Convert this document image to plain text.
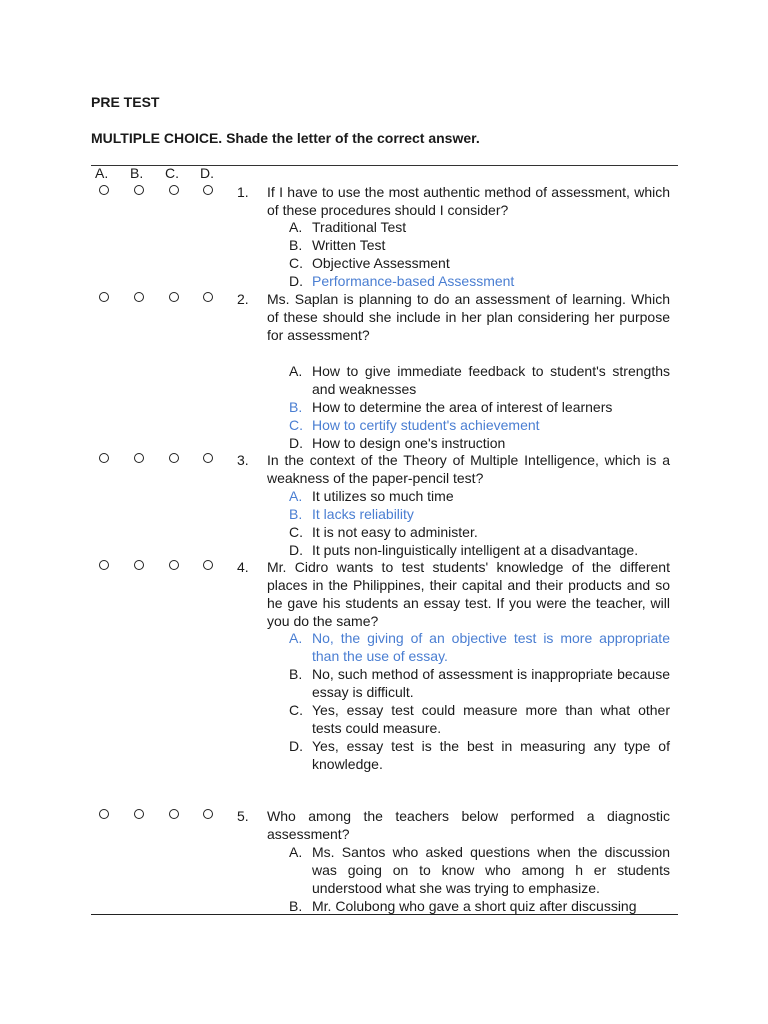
PRE TEST
MULTIPLE CHOICE. Shade the letter of the correct answer.
A. B. C. D.
1. If I have to use the most authentic method of assessment, which of these procedures should I consider?
A. Traditional Test
B. Written Test
C. Objective Assessment
D. Performance-based Assessment
2. Ms. Saplan is planning to do an assessment of learning. Which of these should she include in her plan considering her purpose for assessment?
A. How to give immediate feedback to student's strengths and weaknesses
B. How to determine the area of interest of learners
C. How to certify student's achievement
D. How to design one's instruction
3. In the context of the Theory of Multiple Intelligence, which is a weakness of the paper-pencil test?
A. It utilizes so much time
B. It lacks reliability
C. It is not easy to administer.
D. It puts non-linguistically intelligent at a disadvantage.
4. Mr. Cidro wants to test students' knowledge of the different places in the Philippines, their capital and their products and so he gave his students an essay test. If you were the teacher, will you do the same?
A. No, the giving of an objective test is more appropriate than the use of essay.
B. No, such method of assessment is inappropriate because essay is difficult.
C. Yes, essay test could measure more than what other tests could measure.
D. Yes, essay test is the best in measuring any type of knowledge.
5. Who among the teachers below performed a diagnostic assessment?
A. Ms. Santos who asked questions when the discussion was going on to know who among h er students understood what she was trying to emphasize.
B. Mr. Colubong who gave a short quiz after discussing
